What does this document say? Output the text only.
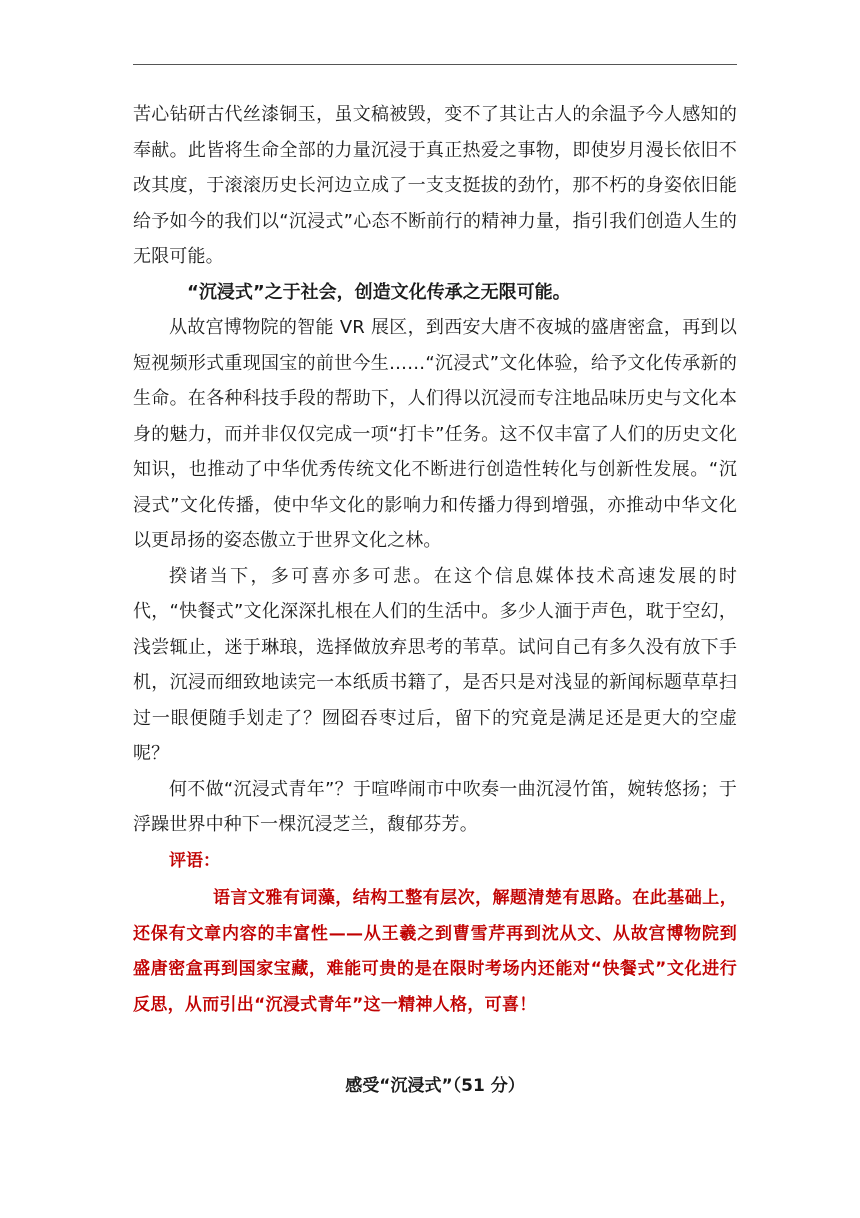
苦心钻研古代丝漆铜玉，虽文稿被毁，变不了其让古人的余温予今人感知的奉献。此皆将生命全部的力量沉浸于真正热爱之事物，即使岁月漫长依旧不改其度，于滚滚历史长河边立成了一支支挺拔的劲竹，那不朽的身姿依旧能给予如今的我们以“沉浸式”心态不断前行的精神力量，指引我们创造人生的无限可能。

“沉浸式”之于社会，创造文化传承之无限可能。

从故宫博物院的智能 VR 展区，到西安大唐不夜城的盛唐密盒，再到以短视频形式重现国宝的前世今生……“沉浸式”文化体验，给予文化传承新的生命。在各种科技手段的帮助下，人们得以沉浸而专注地品味历史与文化本身的魅力，而并非仅仅完成一项“打卡”任务。这不仅丰富了人们的历史文化知识，也推动了中华优秀传统文化不断进行创造性转化与创新性发展。“沉浸式”文化传播，使中华文化的影响力和传播力得到增强，亦推动中华文化以更昂扬的姿态傲立于世界文化之林。

揆诸当下，多可喜亦多可悲。在这个信息媒体技术高速发展的时代，“快餐式”文化深深扎根在人们的生活中。多少人湎于声色，耽于空幻，浅尝辄止，迷于琳琅，选择做放弃思考的苇草。试问自己有多久没有放下手机，沉浸而细致地读完一本纸质书籍了，是否只是对浅显的新闻标题草草扫过一眼便随手划走了？囫囵吞枣过后，留下的究竟是满足还是更大的空虚呢？

何不做“沉浸式青年”？于喧哗闹市中吹奏一曲沉浸竹笛，婉转悠扬；于浮躁世界中种下一棵沉浸芝兰，馥郁芬芳。

评语：

语言文雅有词藻，结构工整有层次，解题清楚有思路。在此基础上，还保有文章内容的丰富性——从王羲之到曹雪芹再到沈从文、从故宫博物院到盛唐密盒再到国家宝藏，难能可贵的是在限时考场内还能对“快餐式”文化进行反思，从而引出“沉浸式青年”这一精神人格，可喜！

感受“沉浸式”（51 分）
